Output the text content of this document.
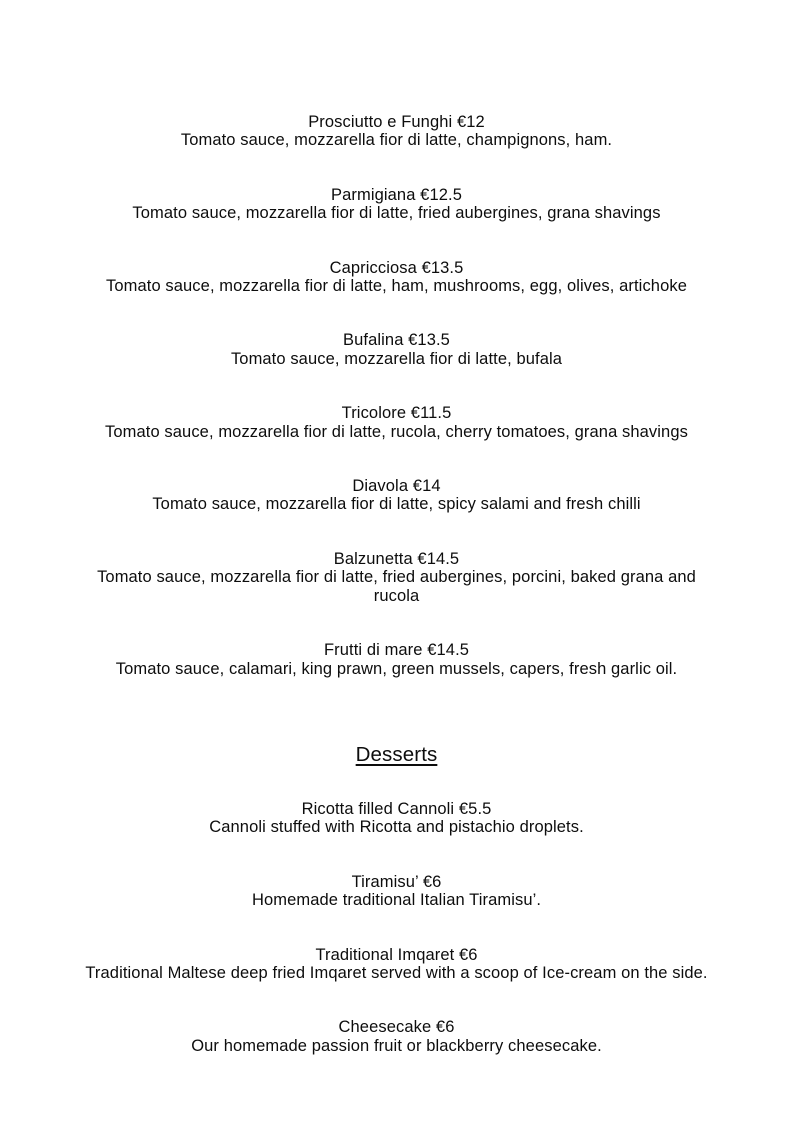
Prosciutto e Funghi €12
Tomato sauce, mozzarella fior di latte, champignons, ham.
Parmigiana €12.5
Tomato sauce, mozzarella fior di latte, fried aubergines, grana shavings
Capricciosa €13.5
Tomato sauce, mozzarella fior di latte, ham, mushrooms, egg, olives, artichoke
Bufalina €13.5
Tomato sauce, mozzarella fior di latte, bufala
Tricolore €11.5
Tomato sauce, mozzarella fior di latte, rucola, cherry tomatoes, grana shavings
Diavola €14
Tomato sauce, mozzarella fior di latte, spicy salami and fresh chilli
Balzunetta €14.5
Tomato sauce, mozzarella fior di latte, fried aubergines, porcini, baked grana and rucola
Frutti di mare €14.5
Tomato sauce, calamari, king prawn, green mussels, capers, fresh garlic oil.
Desserts
Ricotta filled Cannoli €5.5
Cannoli stuffed with Ricotta and pistachio droplets.
Tiramisu’ €6
Homemade traditional Italian Tiramisu’.
Traditional Imqaret €6
Traditional Maltese deep fried Imqaret served with a scoop of Ice-cream on the side.
Cheesecake €6
Our homemade passion fruit or blackberry cheesecake.
